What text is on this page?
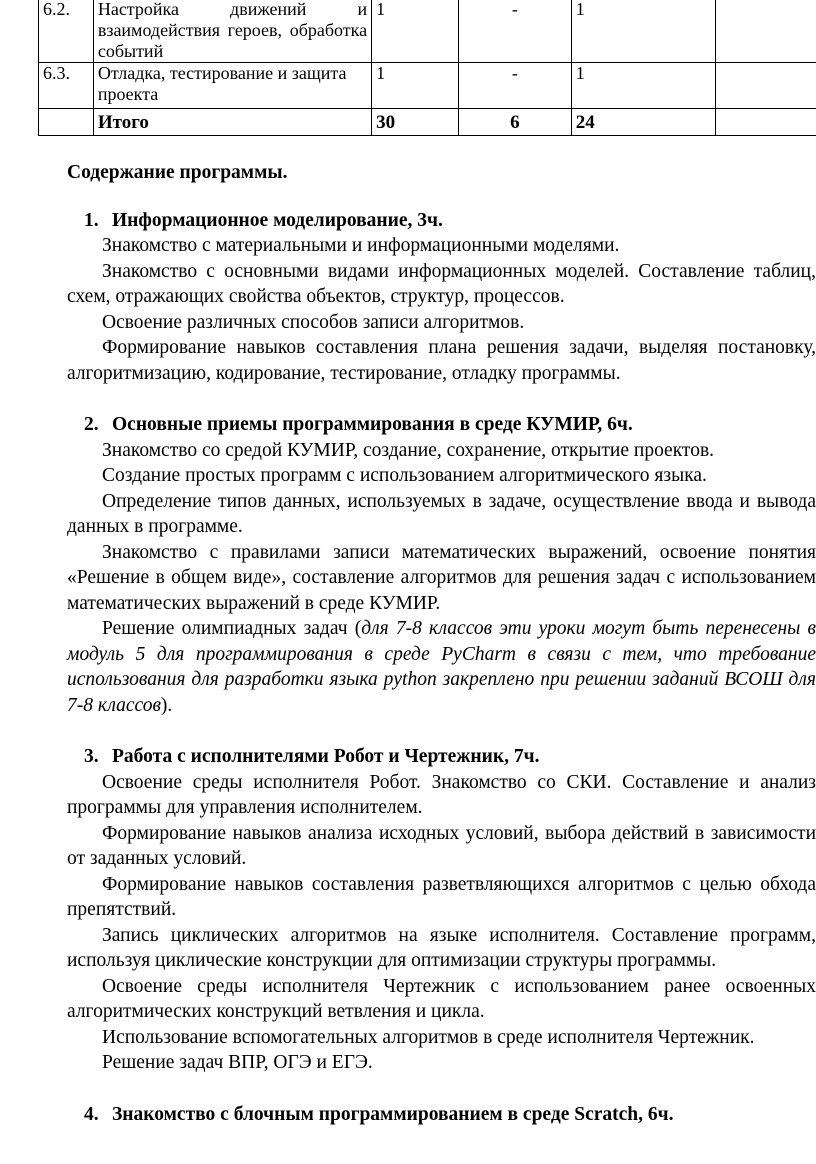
6.2.	Настройка движений и взаимодействия героев, обработка событий	1	-	1	
6.3.	Отладка, тестирование и защита проекта	1	-	1	
	Итого	30	6	24	
Содержание программы.
1. Информационное моделирование, 3ч.

Знакомство с материальными и информационными моделями.

Знакомство с основными видами информационных моделей. Составление таблиц, схем, отражающих свойства объектов, структур, процессов.

Освоение различных способов записи алгоритмов.

Формирование навыков составления плана решения задачи, выделяя постановку, алгоритмизацию, кодирование, тестирование, отладку программы.

2. Основные приемы программирования в среде КУМИР, 6ч.

Знакомство со средой КУМИР, создание, сохранение, открытие проектов.

Создание простых программ с использованием алгоритмического языка.

Определение типов данных, используемых в задаче, осуществление ввода и вывода данных в программе.

Знакомство с правилами записи математических выражений, освоение понятия «Решение в общем виде», составление алгоритмов для решения задач с использованием математических выражений в среде КУМИР.

Решение олимпиадных задач (для 7-8 классов эти уроки могут быть перенесены в модуль 5 для программирования в среде PyCharm в связи с тем, что требование использования для разработки языка python закреплено при решении заданий ВСОШ для 7-8 классов).

3. Работа с исполнителями Робот и Чертежник, 7ч.

Освоение среды исполнителя Робот. Знакомство со СКИ. Составление и анализ программы для управления исполнителем.

Формирование навыков анализа исходных условий, выбора действий в зависимости от заданных условий.

Формирование навыков составления разветвляющихся алгоритмов с целью обхода препятствий.

Запись циклических алгоритмов на языке исполнителя. Составление программ, используя циклические конструкции для оптимизации структуры программы.

Освоение среды исполнителя Чертежник с использованием ранее освоенных алгоритмических конструкций ветвления и цикла.

Использование вспомогательных алгоритмов в среде исполнителя Чертежник.

Решение задач ВПР, ОГЭ и ЕГЭ.

4. Знакомство с блочным программированием в среде Scratch, 6ч.
